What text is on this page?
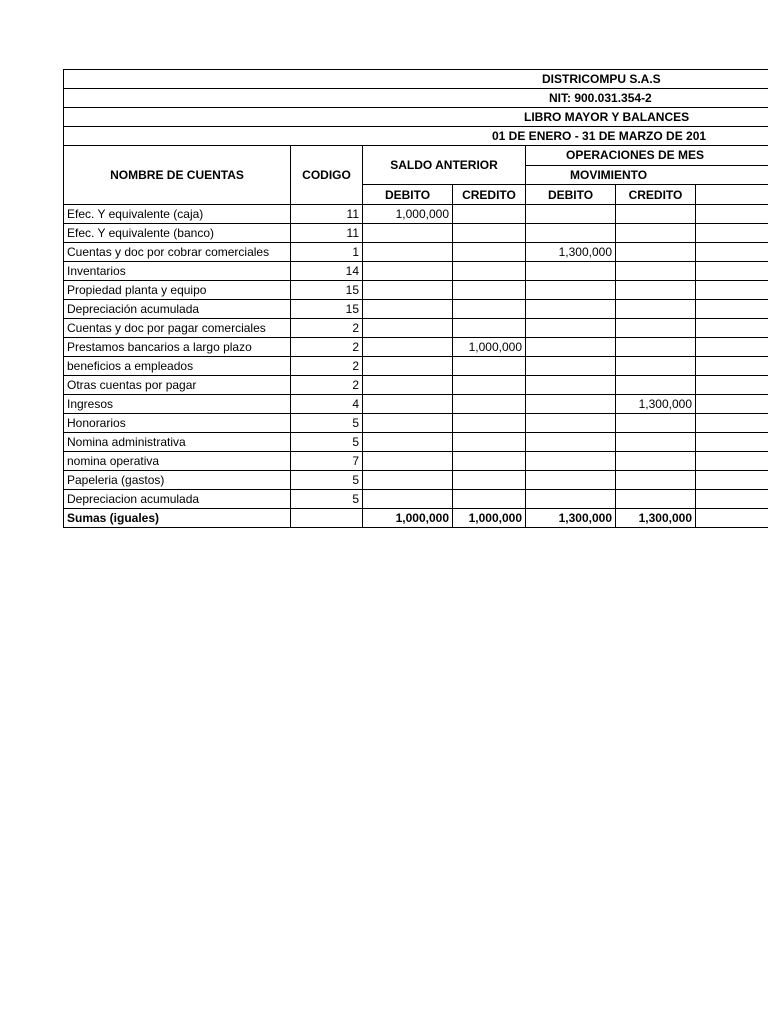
DISTRICOMPU S.A.S						
NIT: 900.031.354-2						
LIBRO MAYOR Y BALANCES						
01 DE ENERO - 31 DE MARZO DE 201						
NOMBRE DE CUENTAS	CODIGO	SALDO ANTERIOR		OPERACIONES DE MES		
				MOVIMIENTO		
		DEBITO	CREDITO	DEBITO	CREDITO	
Efec. Y equivalente (caja)	11	1,000,000				
Efec. Y equivalente (banco)	11					
Cuentas y doc por cobrar comerciales	1			1,300,000		
Inventarios	14					
Propiedad planta y equipo	15					
Depreciación acumulada	15					
Cuentas y doc por pagar comerciales	2					
Prestamos bancarios a largo plazo	2		1,000,000			
beneficios a empleados	2					
Otras cuentas por pagar	2					
Ingresos	4				1,300,000	
Honorarios	5					
Nomina administrativa	5					
nomina operativa	7					
Papeleria (gastos)	5					
Depreciacion acumulada	5					
Sumas (iguales)		1,000,000	1,000,000	1,300,000	1,300,000	
